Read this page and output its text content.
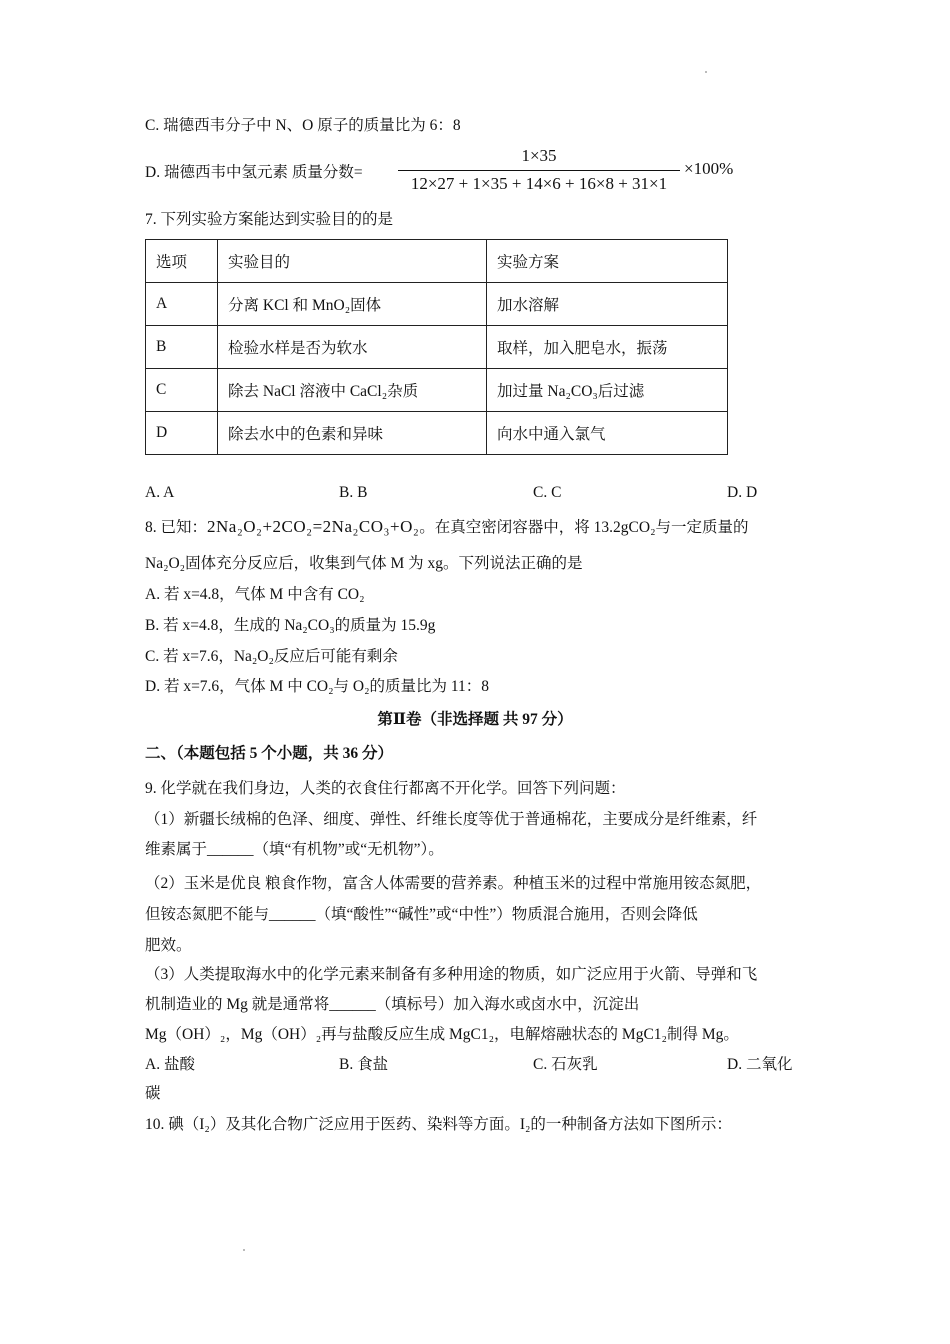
C. 瑞德西韦分子中 N、O 原子的质量比为 6：8
D. 瑞德西韦中氢元素 质量分数=
1×35
12×27 + 1×35 + 14×6 + 16×8 + 31×1
×100%
7. 下列实验方案能达到实验目的的是
选项	实验目的	实验方案
A	分离 KCl 和 MnO₂固体	加水溶解
B	检验水样是否为软水	取样，加入肥皂水，振荡
C	除去 NaCl 溶液中 CaCl₂杂质	加过量 Na₂CO₃后过滤
D	除去水中的色素和异味	向水中通入氯气
A. A	B. B	C. C	D. D
8. 已知：2Na₂O₂+2CO₂=2Na₂CO₃+O₂。在真空密闭容器中，将 13.2gCO₂与一定质量的
Na₂O₂固体充分反应后，收集到气体 M 为 xg。下列说法正确的是
A. 若 x=4.8，气体 M 中含有 CO₂
B. 若 x=4.8，生成的 Na₂CO₃的质量为 15.9g
C. 若 x=7.6，Na₂O₂反应后可能有剩余
D. 若 x=7.6，气体 M 中 CO₂与 O₂的质量比为 11：8
第Ⅱ卷（非选择题 共 97 分）
二、（本题包括 5 个小题，共 36 分）
9. 化学就在我们身边，人类的衣食住行都离不开化学。回答下列问题：
（1）新疆长绒棉的色泽、细度、弹性、纤维长度等优于普通棉花，主要成分是纤维素，纤
维素属于______（填“有机物”或“无机物”）。
（2）玉米是优良 粮食作物，富含人体需要的营养素。种植玉米的过程中常施用铵态氮肥，
但铵态氮肥不能与______（填“酸性”“碱性”或“中性”）物质混合施用，否则会降低
肥效。
（3）人类提取海水中的化学元素来制备有多种用途的物质，如广泛应用于火箭、导弹和飞
机制造业的 Mg 就是通常将______（填标号）加入海水或卤水中，沉淀出
Mg（OH）₂，Mg（OH）₂再与盐酸反应生成 MgC1₂，电解熔融状态的 MgC1₂制得 Mg。
A. 盐酸	B. 食盐	C. 石灰乳	D. 二氧化
碳
10. 碘（I₂）及其化合物广泛应用于医药、染料等方面。I₂的一种制备方法如下图所示：
